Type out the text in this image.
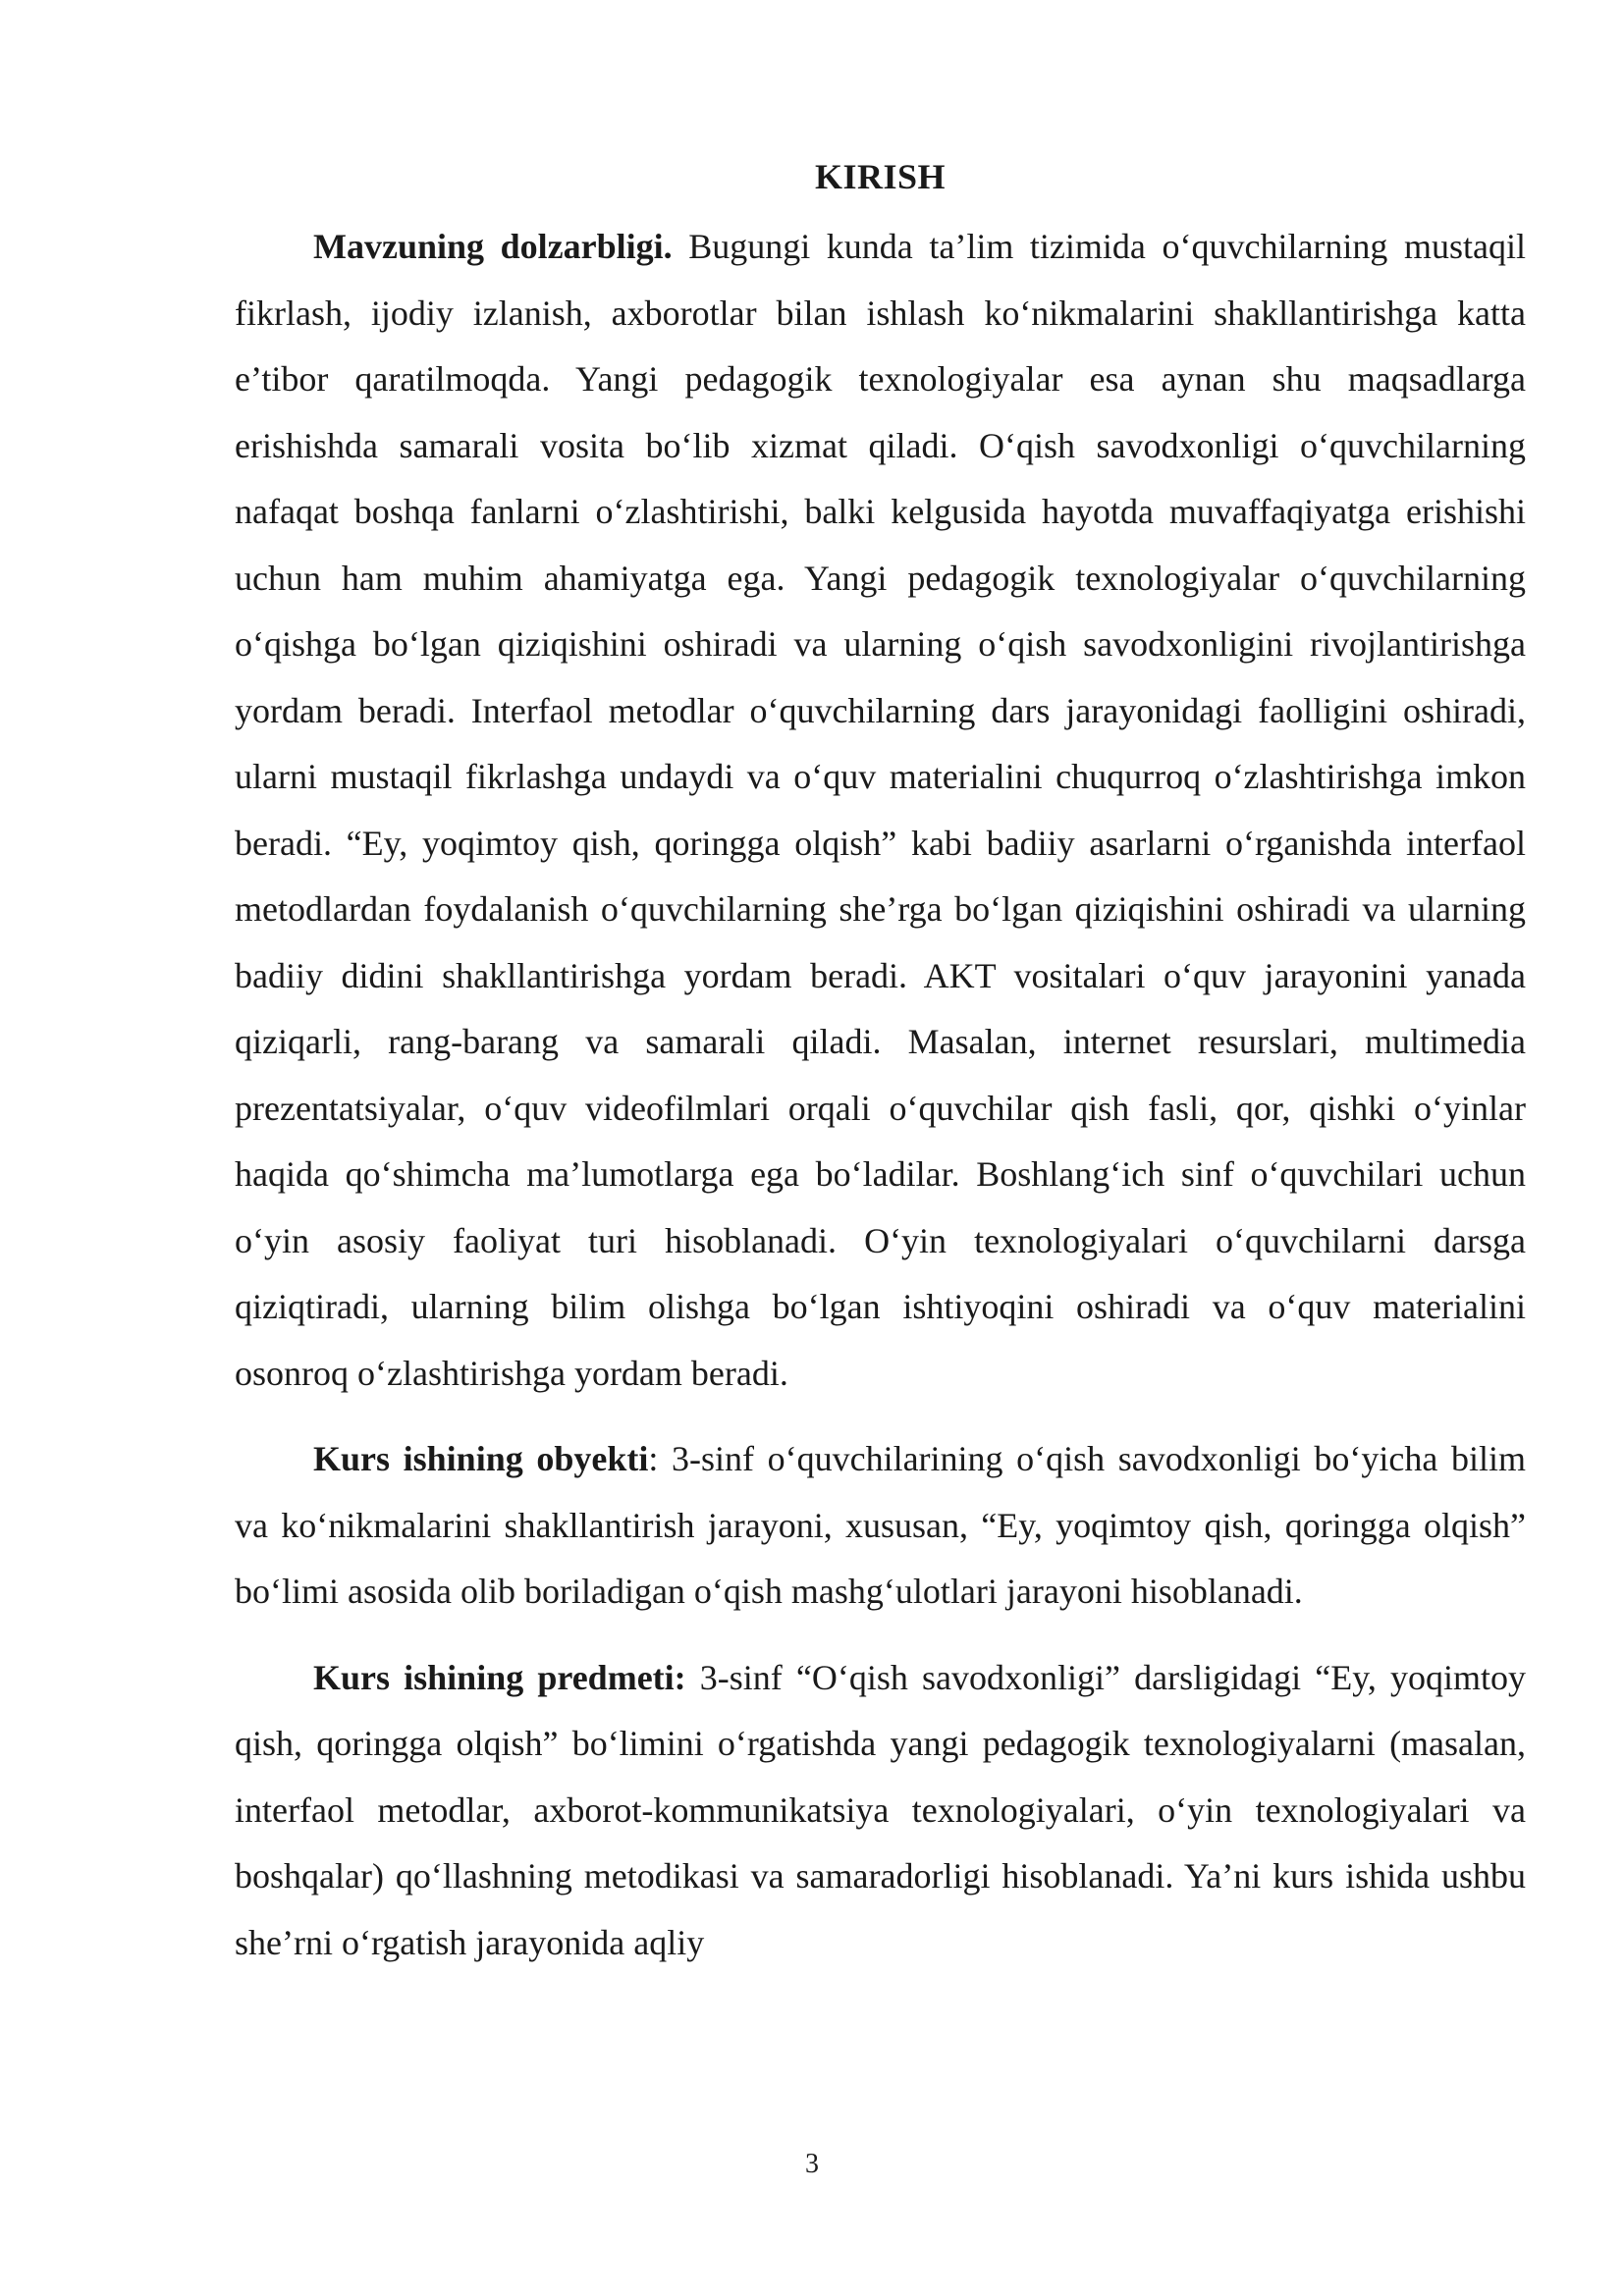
KIRISH

Mavzuning dolzarbligi. Bugungi kunda ta’lim tizimida o‘quvchilarning mustaqil fikrlash, ijodiy izlanish, axborotlar bilan ishlash ko‘nikmalarini shakllantirishga katta e’tibor qaratilmoqda. Yangi pedagogik texnologiyalar esa aynan shu maqsadlarga erishishda samarali vosita bo‘lib xizmat qiladi. O‘qish savodxonligi o‘quvchilarning nafaqat boshqa fanlarni o‘zlashtirishi, balki kelgusida hayotda muvaffaqiyatga erishishi uchun ham muhim ahamiyatga ega. Yangi pedagogik texnologiyalar o‘quvchilarning o‘qishga bo‘lgan qiziqishini oshiradi va ularning o‘qish savodxonligini rivojlantirishga yordam beradi. Interfaol metodlar o‘quvchilarning dars jarayonidagi faolligini oshiradi, ularni mustaqil fikrlashga undaydi va o‘quv materialini chuqurroq o‘zlashtirishga imkon beradi. “Ey, yoqimtoy qish, qoringga olqish” kabi badiiy asarlarni o‘rganishda interfaol metodlardan foydalanish o‘quvchilarning she’rga bo‘lgan qiziqishini oshiradi va ularning badiiy didini shakllantirishga yordam beradi. AKT vositalari o‘quv jarayonini yanada qiziqarli, rang-barang va samarali qiladi. Masalan, internet resurslari, multimedia prezentatsiyalar, o‘quv videofilmlari orqali o‘quvchilar qish fasli, qor, qishki o‘yinlar haqida qo‘shimcha ma’lumotlarga ega bo‘ladilar. Boshlang‘ich sinf o‘quvchilari uchun o‘yin asosiy faoliyat turi hisoblanadi. O‘yin texnologiyalari o‘quvchilarni darsga qiziqtiradi, ularning bilim olishga bo‘lgan ishtiyoqini oshiradi va o‘quv materialini osonroq o‘zlashtirishga yordam beradi.

Kurs ishining obyekti: 3-sinf o‘quvchilarining o‘qish savodxonligi bo‘yicha bilim va ko‘nikmalarini shakllantirish jarayoni, xususan, “Ey, yoqimtoy qish, qoringga olqish” bo‘limi asosida olib boriladigan o‘qish mashg‘ulotlari jarayoni hisoblanadi.

Kurs ishining predmeti: 3-sinf “O‘qish savodxonligi” darsligidagi “Ey, yoqimtoy qish, qoringga olqish” bo‘limini o‘rgatishda yangi pedagogik texnologiyalarni (masalan, interfaol metodlar, axborot-kommunikatsiya texnologiyalari, o‘yin texnologiyalari va boshqalar) qo‘llashning metodikasi va samaradorligi hisoblanadi. Ya’ni kurs ishida ushbu she’rni o‘rgatish jarayonida aqliy

3
